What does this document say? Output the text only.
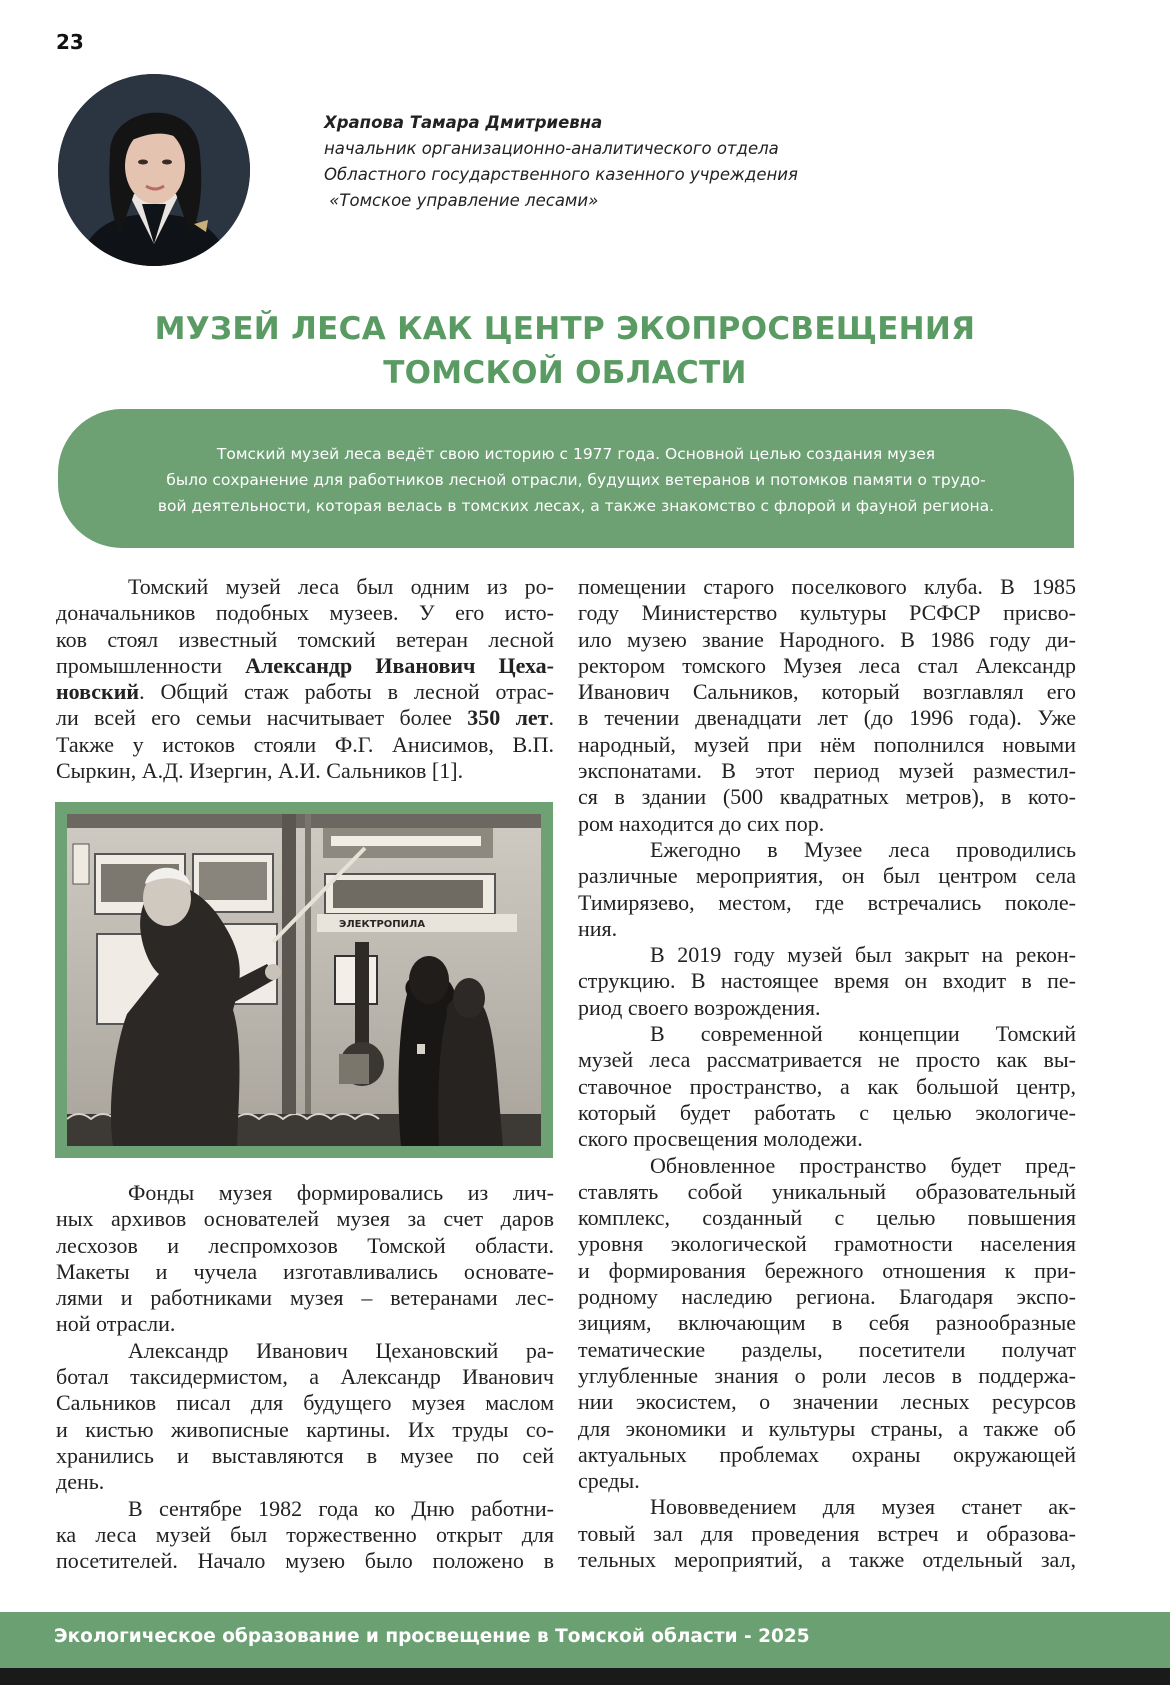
23
Храпова Тамара Дмитриевна
начальник организационно-аналитического отдела
Областного государственного казенного учреждения
«Томское управление лесами»
МУЗЕЙ ЛЕСА КАК ЦЕНТР ЭКОПРОСВЕЩЕНИЯ
ТОМСКОЙ ОБЛАСТИ
Томский музей леса ведёт свою историю с 1977 года. Основной целью создания музея
было сохранение для работников лесной отрасли, будущих ветеранов и потомков памяти о трудо-
вой деятельности, которая велась в томских лесах, а также знакомство с флорой и фауной региона.
Томский музей леса был одним из ро-
доначальников подобных музеев. У его исто-
ков стоял известный томский ветеран лесной
промышленности Александр Иванович Цеха-
новский. Общий стаж работы в лесной отрас-
ли всей его семьи насчитывает более 350 лет.
Также у истоков стояли Ф.Г. Анисимов, В.П.
Сыркин, А.Д. Изергин, А.И. Сальников [1].
ЭЛЕКТРОПИЛА
Фонды музея формировались из лич-
ных архивов основателей музея за счет даров
лесхозов и леспромхозов Томской области.
Макеты и чучела изготавливались основате-
лями и работниками музея – ветеранами лес-
ной отрасли.
Александр Иванович Цехановский ра-
ботал таксидермистом, а Александр Иванович
Сальников писал для будущего музея маслом
и кистью живописные картины. Их труды со-
хранились и выставляются в музее по сей
день.
В сентябре 1982 года ко Дню работни-
ка леса музей был торжественно открыт для
посетителей. Начало музею было положено в
помещении старого поселкового клуба. В 1985
году Министерство культуры РСФСР присво-
ило музею звание Народного. В 1986 году ди-
ректором томского Музея леса стал Александр
Иванович Сальников, который возглавлял его
в течении двенадцати лет (до 1996 года). Уже
народный, музей при нём пополнился новыми
экспонатами. В этот период музей разместил-
ся в здании (500 квадратных метров), в кото-
ром находится до сих пор.
Ежегодно в Музее леса проводились
различные мероприятия, он был центром села
Тимирязево, местом, где встречались поколе-
ния.
В 2019 году музей был закрыт на рекон-
струкцию. В настоящее время он входит в пе-
риод своего возрождения.
В современной концепции Томский
музей леса рассматривается не просто как вы-
ставочное пространство, а как большой центр,
который будет работать с целью экологиче-
ского просвещения молодежи.
Обновленное пространство будет пред-
ставлять собой уникальный образовательный
комплекс, созданный с целью повышения
уровня экологической грамотности населения
и формирования бережного отношения к при-
родному наследию региона. Благодаря экспо-
зициям, включающим в себя разнообразные
тематические разделы, посетители получат
углубленные знания о роли лесов в поддержа-
нии экосистем, о значении лесных ресурсов
для экономики и культуры страны, а также об
актуальных проблемах охраны окружающей
среды.
Нововведением для музея станет ак-
товый зал для проведения встреч и образова-
тельных мероприятий, а также отдельный зал,
Экологическое образование и просвещение в Томской области - 2025
